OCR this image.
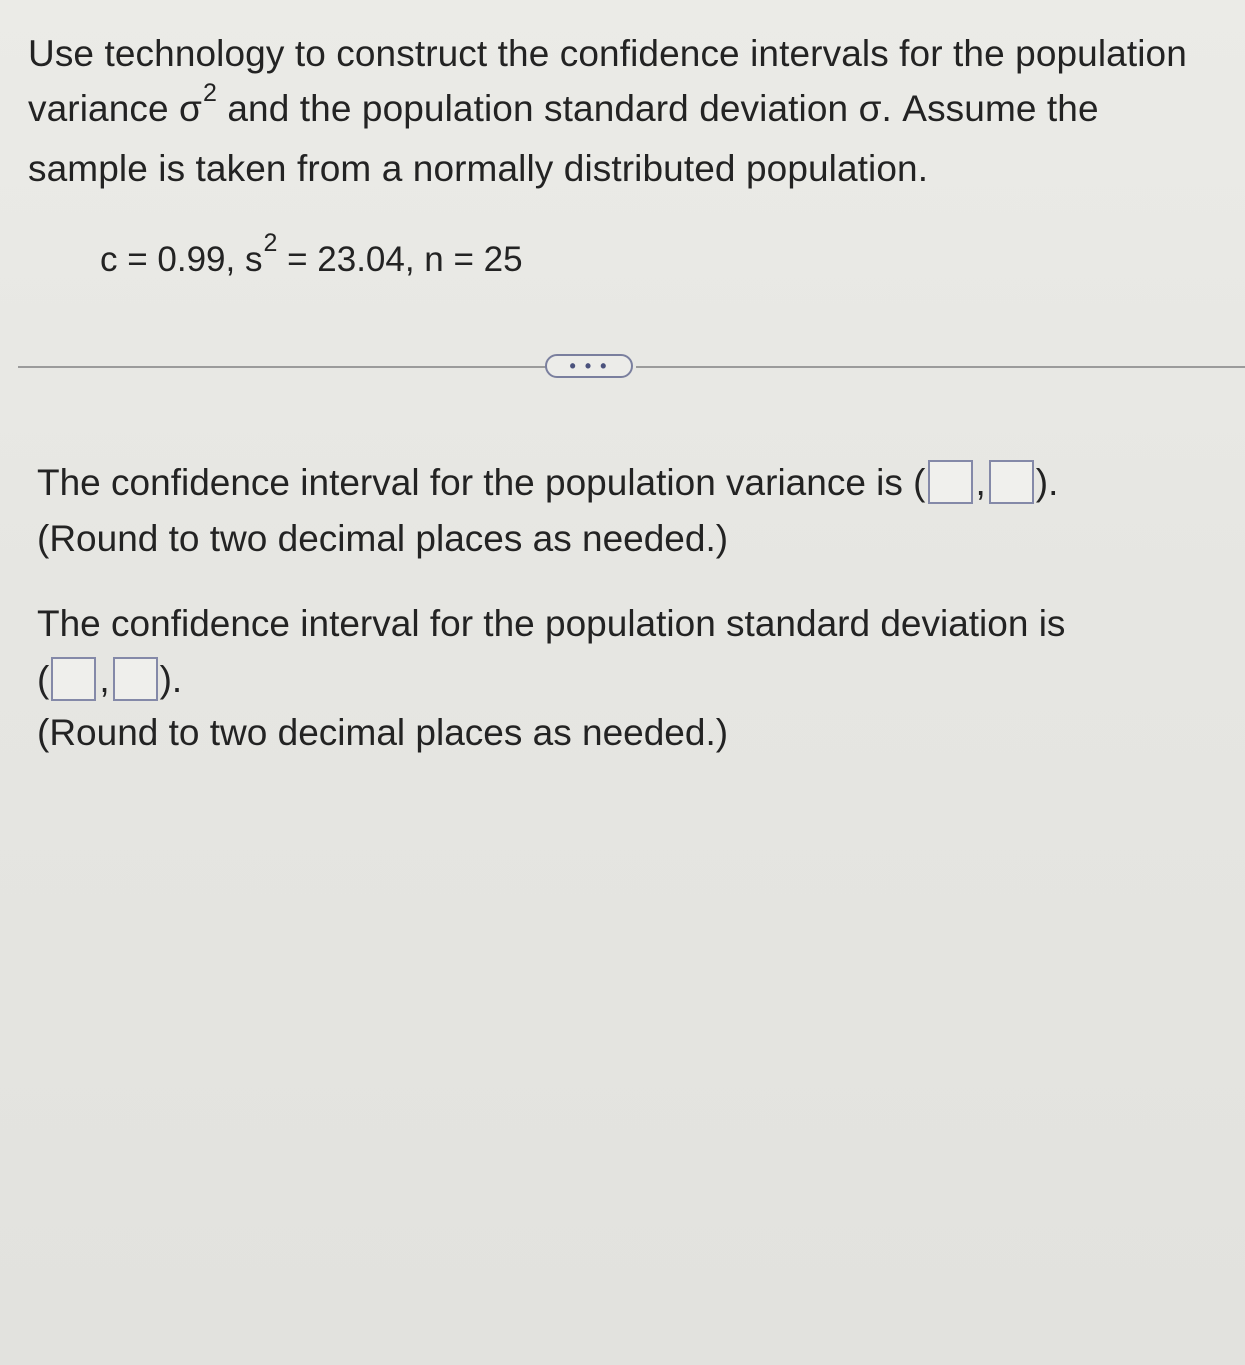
Use technology to construct the confidence intervals for the population
variance $\sigma^2$ and the population standard deviation σ. Assume the
sample is taken from a normally distributed population.
c = 0.99, $s^2 = 23.04$, n = 25
• • •
The confidence interval for the population variance is ( , ).
(Round to two decimal places as needed.)
The confidence interval for the population standard deviation is
( , ).
(Round to two decimal places as needed.)
